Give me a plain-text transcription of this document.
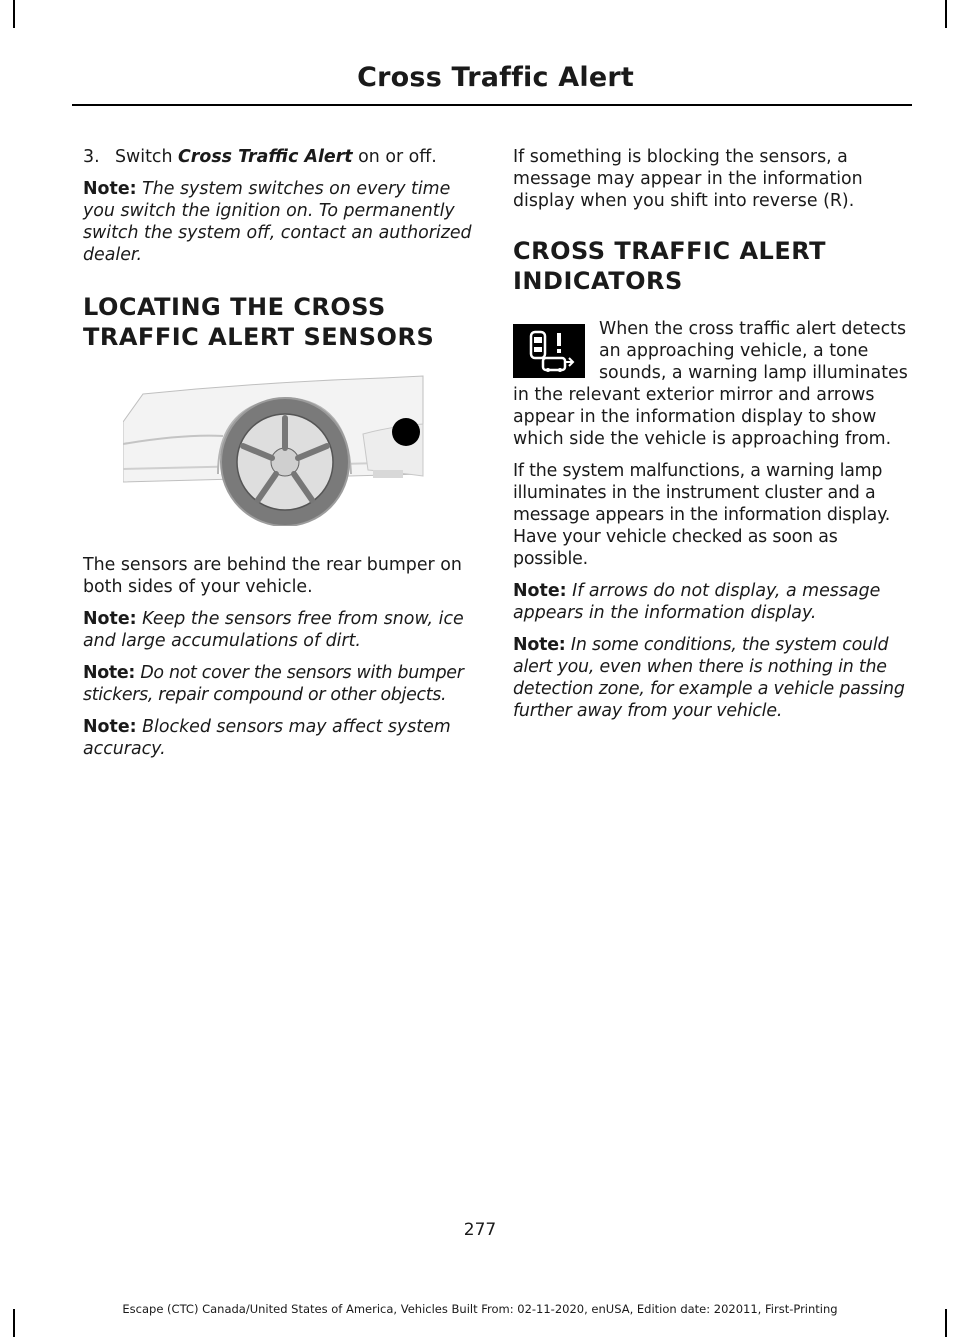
Cross Traffic Alert

3. Switch Cross Traffic Alert on or off.

Note: The system switches on every time you switch the ignition on. To permanently switch the system off, contact an authorized dealer.

LOCATING THE CROSS
TRAFFIC ALERT SENSORS

The sensors are behind the rear bumper on both sides of your vehicle.

Note: Keep the sensors free from snow, ice and large accumulations of dirt.

Note: Do not cover the sensors with bumper stickers, repair compound or other objects.

Note: Blocked sensors may affect system accuracy.

If something is blocking the sensors, a message may appear in the information display when you shift into reverse (R).

CROSS TRAFFIC ALERT
INDICATORS

When the cross traffic alert detects an approaching vehicle, a tone sounds, a warning lamp illuminates in the relevant exterior mirror and arrows appear in the information display to show which side the vehicle is approaching from.

If the system malfunctions, a warning lamp illuminates in the instrument cluster and a message appears in the information display. Have your vehicle checked as soon as possible.

Note: If arrows do not display, a message appears in the information display.

Note: In some conditions, the system could alert you, even when there is nothing in the detection zone, for example a vehicle passing further away from your vehicle.

277
Escape (CTC) Canada/United States of America, Vehicles Built From: 02-11-2020, enUSA, Edition date: 202011, First-Printing
